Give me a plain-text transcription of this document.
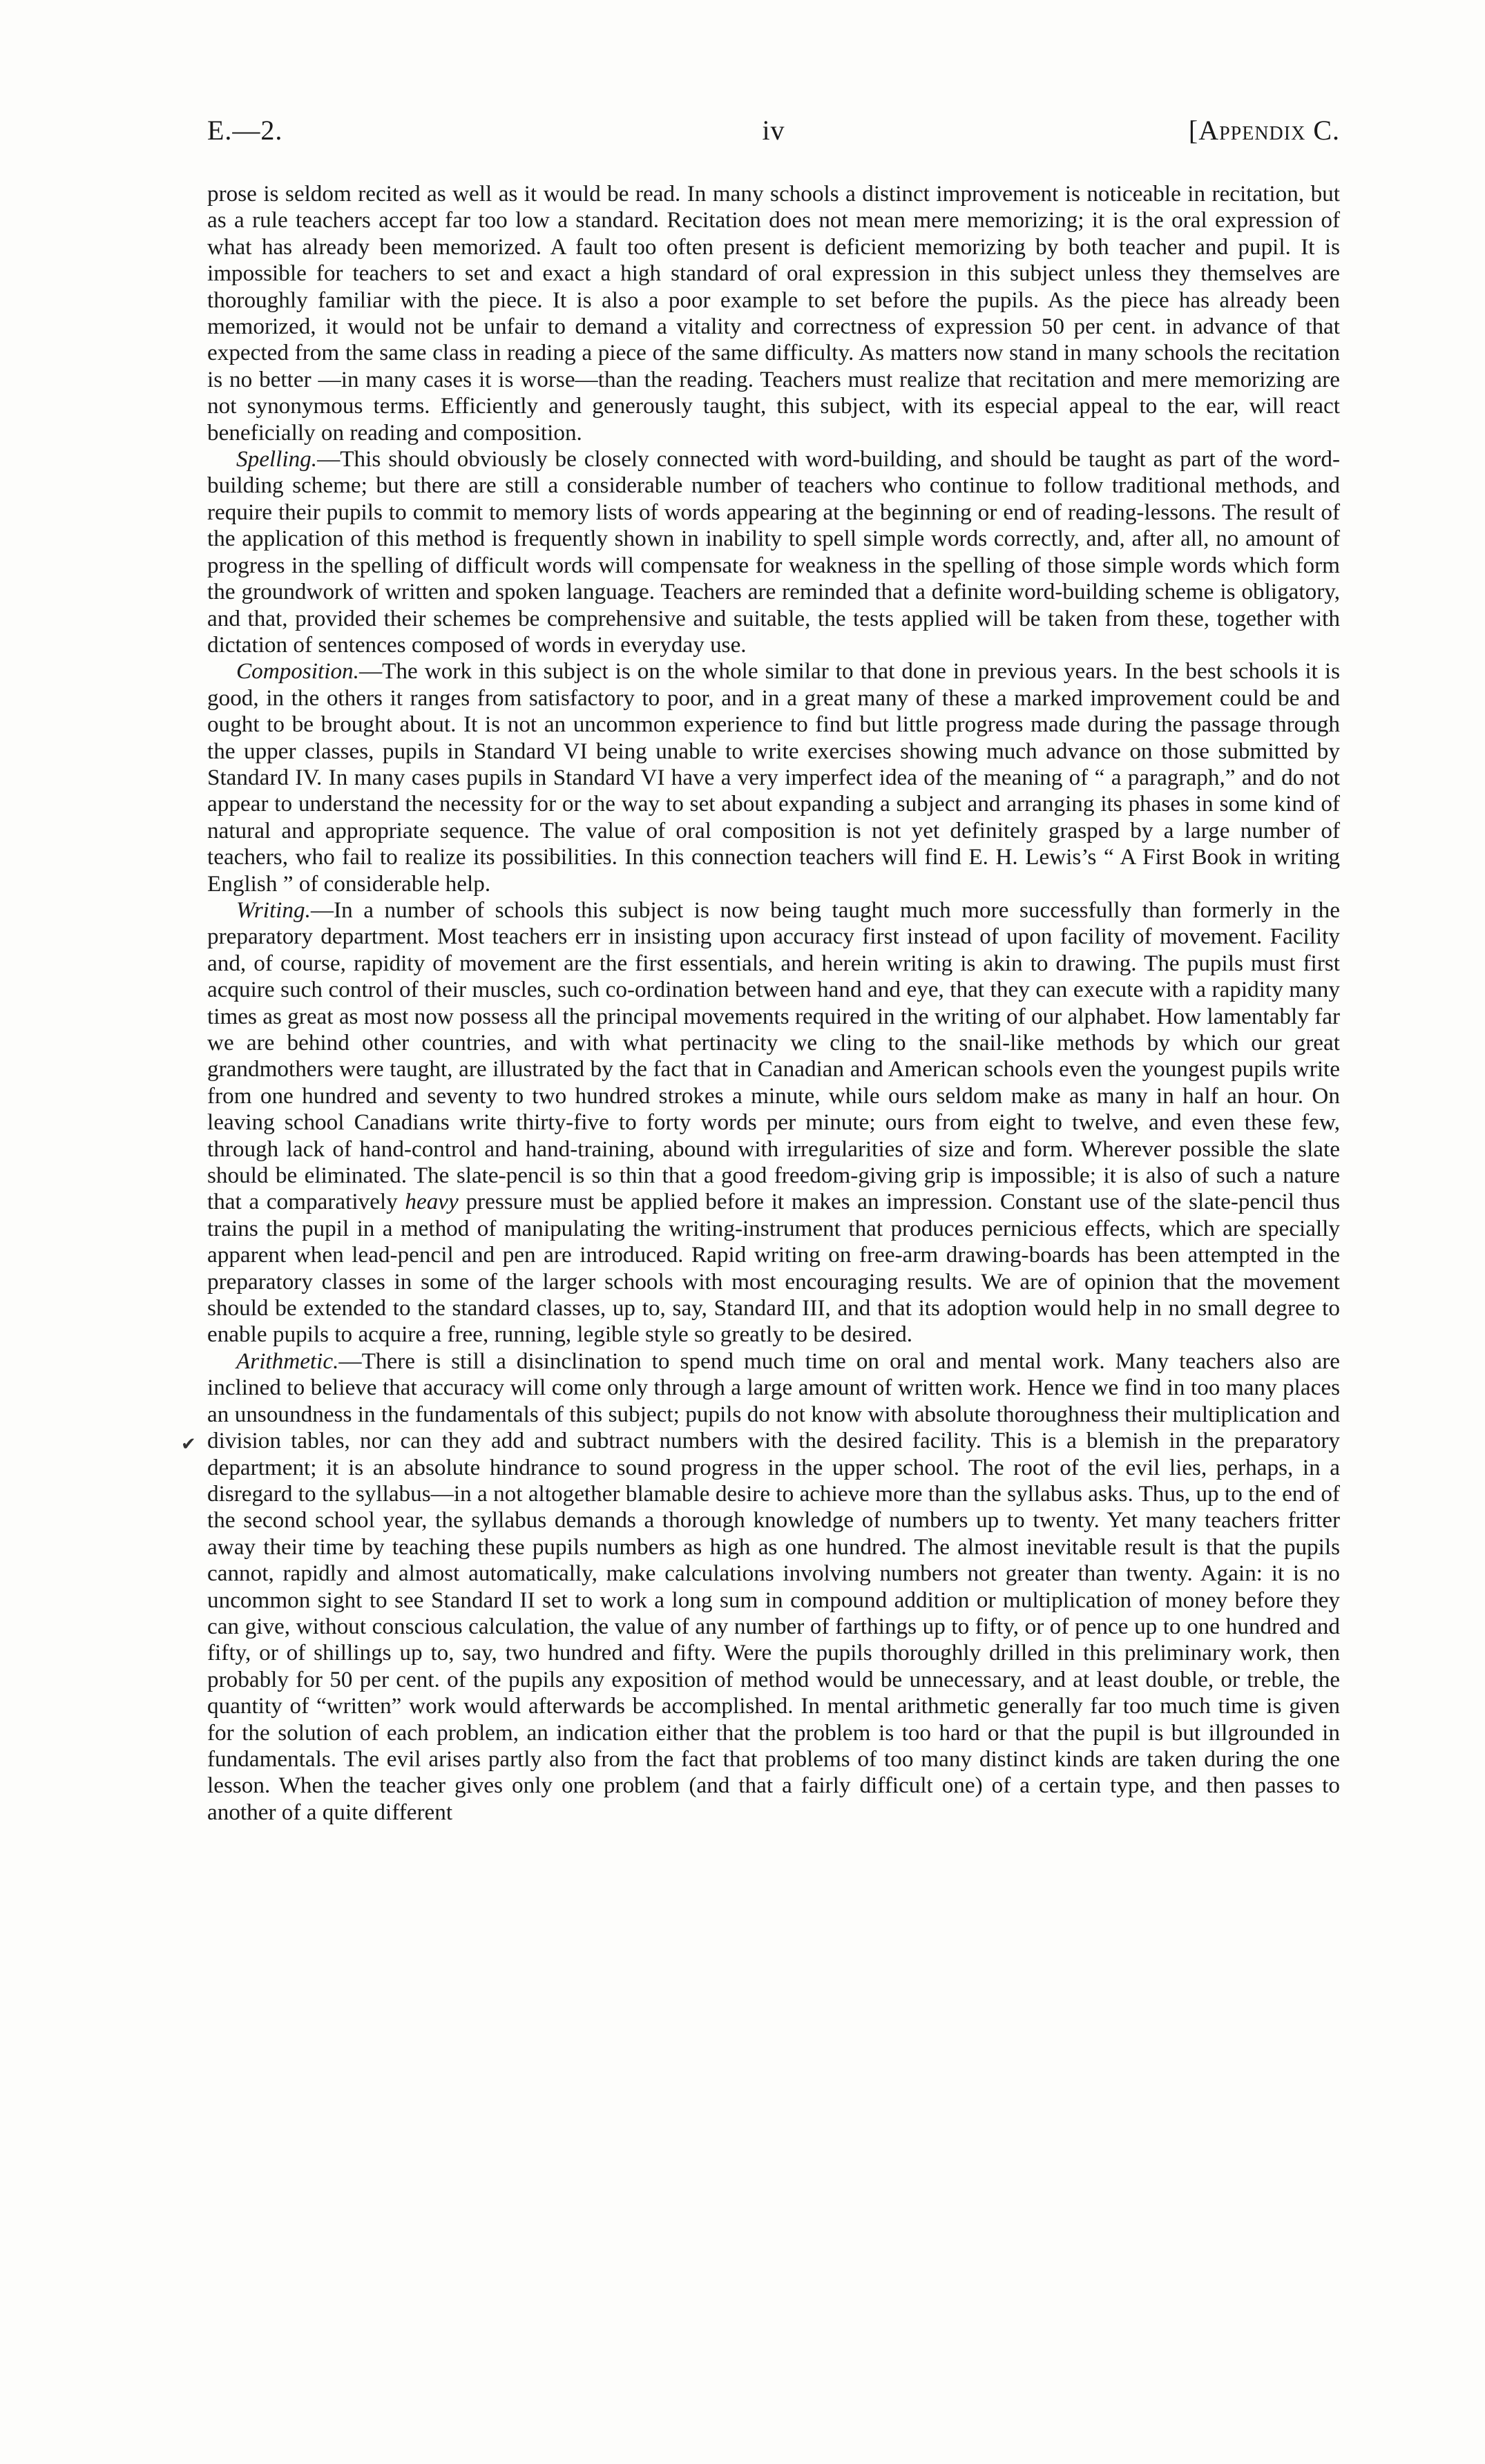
E.—2.	iv	[Appendix C.
✔

prose is seldom recited as well as it would be read. In many schools a distinct improvement is noticeable in recitation, but as a rule teachers accept far too low a standard. Recitation does not mean mere memorizing; it is the oral expression of what has already been memorized. A fault too often present is deficient memorizing by both teacher and pupil. It is impossible for teachers to set and exact a high standard of oral expression in this subject unless they themselves are thoroughly familiar with the piece. It is also a poor example to set before the pupils. As the piece has already been memorized, it would not be unfair to demand a vitality and correctness of expression 50 per cent. in advance of that expected from the same class in reading a piece of the same difficulty. As matters now stand in many schools the recitation is no better —in many cases it is worse—than the reading. Teachers must realize that recitation and mere memorizing are not synonymous terms. Efficiently and generously taught, this subject, with its especial appeal to the ear, will react beneficially on reading and composition.

Spelling.—This should obviously be closely connected with word-building, and should be taught as part of the word-building scheme; but there are still a considerable number of teachers who continue to follow traditional methods, and require their pupils to commit to memory lists of words appearing at the beginning or end of reading-lessons. The result of the application of this method is frequently shown in inability to spell simple words correctly, and, after all, no amount of progress in the spelling of difficult words will compensate for weakness in the spelling of those simple words which form the groundwork of written and spoken language. Teachers are reminded that a definite word-building scheme is obligatory, and that, provided their schemes be comprehensive and suitable, the tests applied will be taken from these, together with dictation of sentences composed of words in everyday use.

Composition.—The work in this subject is on the whole similar to that done in previous years. In the best schools it is good, in the others it ranges from satisfactory to poor, and in a great many of these a marked improvement could be and ought to be brought about. It is not an uncommon experience to find but little progress made during the passage through the upper classes, pupils in Standard VI being unable to write exercises showing much advance on those submitted by Standard IV. In many cases pupils in Standard VI have a very imperfect idea of the meaning of “ a paragraph,” and do not appear to understand the necessity for or the way to set about expanding a subject and arranging its phases in some kind of natural and appropriate sequence. The value of oral composition is not yet definitely grasped by a large number of teachers, who fail to realize its possibilities. In this connection teachers will find E. H. Lewis’s “ A First Book in writing English ” of considerable help.

Writing.—In a number of schools this subject is now being taught much more successfully than formerly in the preparatory department. Most teachers err in insisting upon accuracy first instead of upon facility of movement. Facility and, of course, rapidity of movement are the first essentials, and herein writing is akin to drawing. The pupils must first acquire such control of their muscles, such co-ordination between hand and eye, that they can execute with a rapidity many times as great as most now possess all the principal movements required in the writing of our alphabet. How lamentably far we are behind other countries, and with what pertinacity we cling to the snail-like methods by which our great grandmothers were taught, are illustrated by the fact that in Canadian and American schools even the youngest pupils write from one hundred and seventy to two hundred strokes a minute, while ours seldom make as many in half an hour. On leaving school Canadians write thirty-five to forty words per minute; ours from eight to twelve, and even these few, through lack of hand-control and hand-training, abound with irregularities of size and form. Wherever possible the slate should be eliminated. The slate-pencil is so thin that a good freedom-giving grip is impossible; it is also of such a nature that a comparatively heavy pressure must be applied before it makes an impression. Constant use of the slate-pencil thus trains the pupil in a method of manipulating the writing-instrument that produces pernicious effects, which are specially apparent when lead-pencil and pen are introduced. Rapid writing on free-arm drawing-boards has been attempted in the preparatory classes in some of the larger schools with most encouraging results. We are of opinion that the movement should be extended to the standard classes, up to, say, Standard III, and that its adoption would help in no small degree to enable pupils to acquire a free, running, legible style so greatly to be desired.

Arithmetic.—There is still a disinclination to spend much time on oral and mental work. Many teachers also are inclined to believe that accuracy will come only through a large amount of written work. Hence we find in too many places an unsoundness in the fundamentals of this subject; pupils do not know with absolute thoroughness their multiplication and division tables, nor can they add and subtract numbers with the desired facility. This is a blemish in the preparatory department; it is an absolute hindrance to sound progress in the upper school. The root of the evil lies, perhaps, in a disregard to the syllabus—in a not altogether blamable desire to achieve more than the syllabus asks. Thus, up to the end of the second school year, the syllabus demands a thorough knowledge of numbers up to twenty. Yet many teachers fritter away their time by teaching these pupils numbers as high as one hundred. The almost inevitable result is that the pupils cannot, rapidly and almost automatically, make calculations involving numbers not greater than twenty. Again: it is no uncommon sight to see Standard II set to work a long sum in compound addition or multiplication of money before they can give, without conscious calculation, the value of any number of farthings up to fifty, or of pence up to one hundred and fifty, or of shillings up to, say, two hundred and fifty. Were the pupils thoroughly drilled in this preliminary work, then probably for 50 per cent. of the pupils any exposition of method would be unnecessary, and at least double, or treble, the quantity of “written” work would afterwards be accomplished. In mental arithmetic generally far too much time is given for the solution of each problem, an indication either that the problem is too hard or that the pupil is but illgrounded in fundamentals. The evil arises partly also from the fact that problems of too many distinct kinds are taken during the one lesson. When the teacher gives only one problem (and that a fairly difficult one) of a certain type, and then passes to another of a quite different
